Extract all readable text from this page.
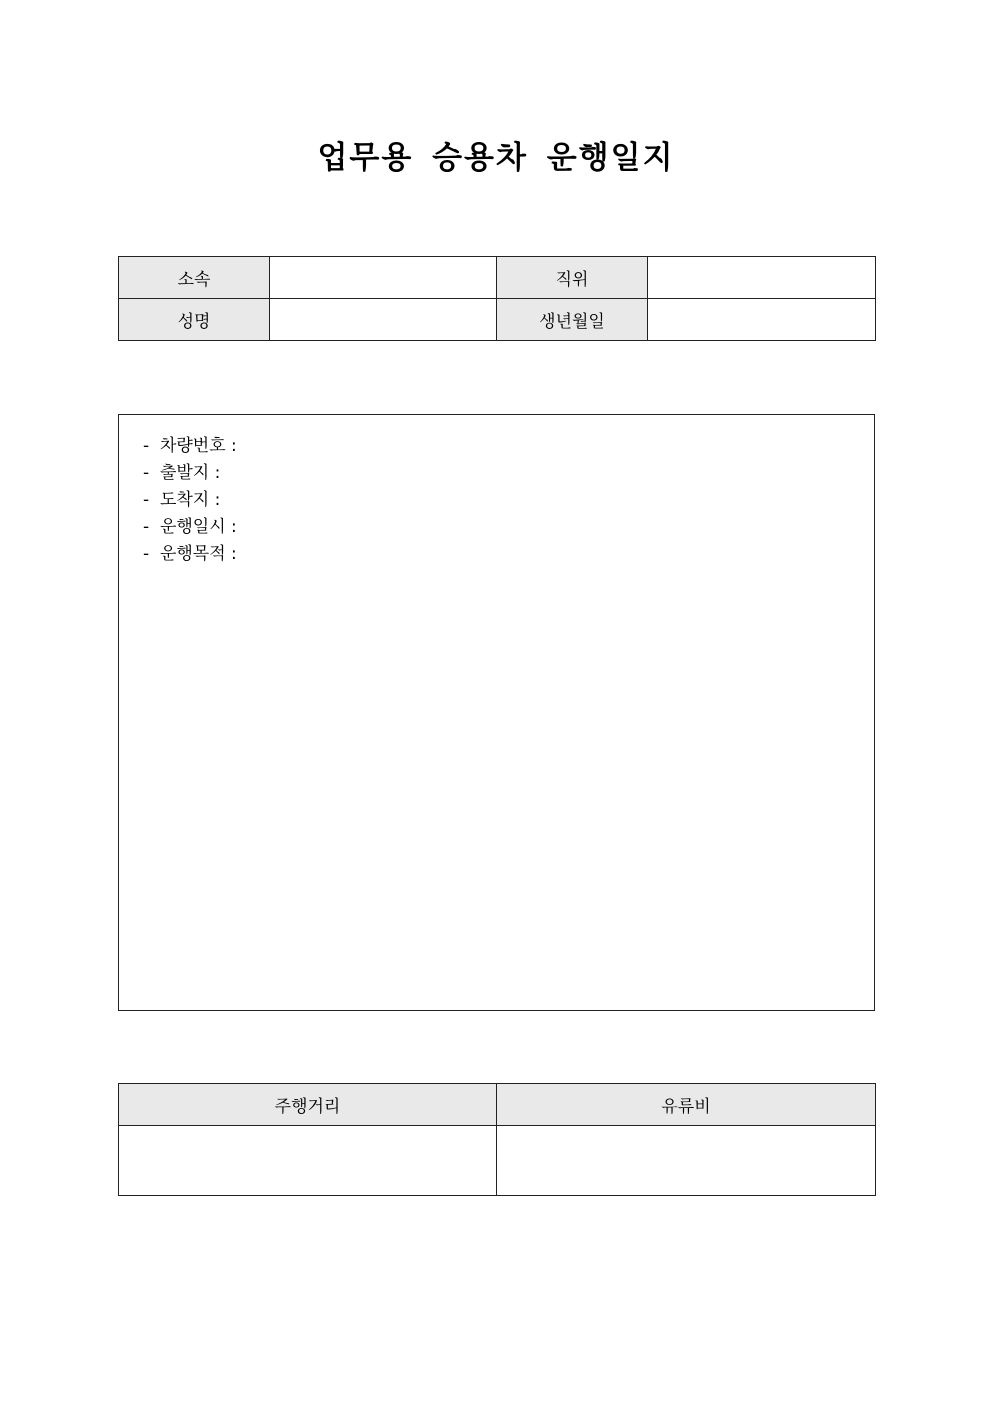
업무용 승용차 운행일지
소속		직위	
성명		생년월일	
-  차량번호 :
-  출발지 :
-  도착지 :
-  운행일시 :
-  운행목적 :
주행거리	유류비
